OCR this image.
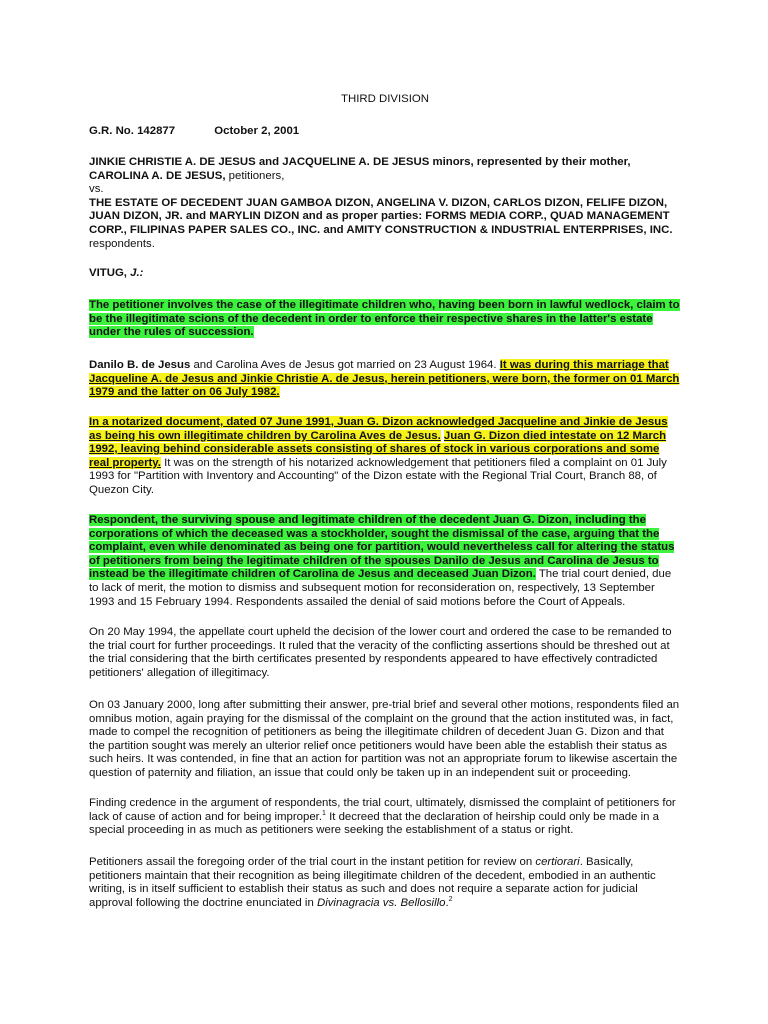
THIRD DIVISION
G.R. No. 142877	October 2, 2001

JINKIE CHRISTIE A. DE JESUS and JACQUELINE A. DE JESUS minors, represented by their mother, CAROLINA A. DE JESUS, petitioners,

vs.

THE ESTATE OF DECEDENT JUAN GAMBOA DIZON, ANGELINA V. DIZON, CARLOS DIZON, FELIFE DIZON, JUAN DIZON, JR. and MARYLIN DIZON and as proper parties: FORMS MEDIA CORP., QUAD MANAGEMENT CORP., FILIPINAS PAPER SALES CO., INC. and AMITY CONSTRUCTION & INDUSTRIAL ENTERPRISES, INC. respondents.

VITUG, J.:

The petitioner involves the case of the illegitimate children who, having been born in lawful wedlock, claim to be the illegitimate scions of the decedent in order to enforce their respective shares in the latter's estate under the rules of succession.

Danilo B. de Jesus and Carolina Aves de Jesus got married on 23 August 1964. It was during this marriage that Jacqueline A. de Jesus and Jinkie Christie A. de Jesus, herein petitioners, were born, the former on 01 March 1979 and the latter on 06 July 1982.

In a notarized document, dated 07 June 1991, Juan G. Dizon acknowledged Jacqueline and Jinkie de Jesus as being his own illegitimate children by Carolina Aves de Jesus. Juan G. Dizon died intestate on 12 March 1992, leaving behind considerable assets consisting of shares of stock in various corporations and some real property. It was on the strength of his notarized acknowledgement that petitioners filed a complaint on 01 July 1993 for "Partition with Inventory and Accounting" of the Dizon estate with the Regional Trial Court, Branch 88, of Quezon City.

Respondent, the surviving spouse and legitimate children of the decedent Juan G. Dizon, including the corporations of which the deceased was a stockholder, sought the dismissal of the case, arguing that the complaint, even while denominated as being one for partition, would nevertheless call for altering the status of petitioners from being the legitimate children of the spouses Danilo de Jesus and Carolina de Jesus to instead be the illegitimate children of Carolina de Jesus and deceased Juan Dizon. The trial court denied, due to lack of merit, the motion to dismiss and subsequent motion for reconsideration on, respectively, 13 September 1993 and 15 February 1994. Respondents assailed the denial of said motions before the Court of Appeals.

On 20 May 1994, the appellate court upheld the decision of the lower court and ordered the case to be remanded to the trial court for further proceedings. It ruled that the veracity of the conflicting assertions should be threshed out at the trial considering that the birth certificates presented by respondents appeared to have effectively contradicted petitioners' allegation of illegitimacy.

On 03 January 2000, long after submitting their answer, pre-trial brief and several other motions, respondents filed an omnibus motion, again praying for the dismissal of the complaint on the ground that the action instituted was, in fact, made to compel the recognition of petitioners as being the illegitimate children of decedent Juan G. Dizon and that the partition sought was merely an ulterior relief once petitioners would have been able the establish their status as such heirs. It was contended, in fine that an action for partition was not an appropriate forum to likewise ascertain the question of paternity and filiation, an issue that could only be taken up in an independent suit or proceeding.

Finding credence in the argument of respondents, the trial court, ultimately, dismissed the complaint of petitioners for lack of cause of action and for being improper.$^1$ It decreed that the declaration of heirship could only be made in a special proceeding in as much as petitioners were seeking the establishment of a status or right.

Petitioners assail the foregoing order of the trial court in the instant petition for review on certiorari. Basically, petitioners maintain that their recognition as being illegitimate children of the decedent, embodied in an authentic writing, is in itself sufficient to establish their status as such and does not require a separate action for judicial approval following the doctrine enunciated in Divinagracia vs. Bellosillo.$^2$
